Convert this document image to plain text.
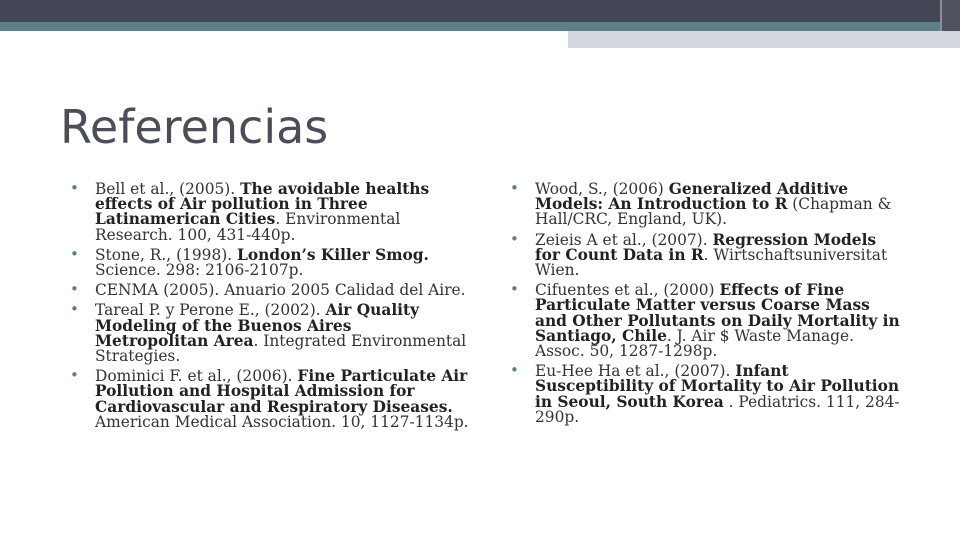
Referencias
• Bell et al., (2005). The avoidable healths effects of Air pollution in Three Latinamerican Cities. Environmental Research. 100, 431-440p.
• Stone, R., (1998). London’s Killer Smog. Science. 298: 2106-2107p.
• CENMA (2005). Anuario 2005 Calidad del Aire.
• Tareal P. y Perone E., (2002). Air Quality Modeling of the Buenos Aires Metropolitan Area. Integrated Environmental Strategies.
• Dominici F. et al., (2006). Fine Particulate Air Pollution and Hospital Admission for Cardiovascular and Respiratory Diseases. American Medical Association. 10, 1127-1134p.
• Wood, S., (2006) Generalized Additive Models: An Introduction to R (Chapman & Hall/CRC, England, UK).
• Zeieis A et al., (2007). Regression Models for Count Data in R. Wirtschaftsuniversitat Wien.
• Cifuentes et al., (2000) Effects of Fine Particulate Matter versus Coarse Mass and Other Pollutants on Daily Mortality in Santiago, Chile. J. Air $ Waste Manage. Assoc. 50, 1287-1298p.
• Eu-Hee Ha et al., (2007). Infant Susceptibility of Mortality to Air Pollution in Seoul, South Korea . Pediatrics. 111, 284-290p.
